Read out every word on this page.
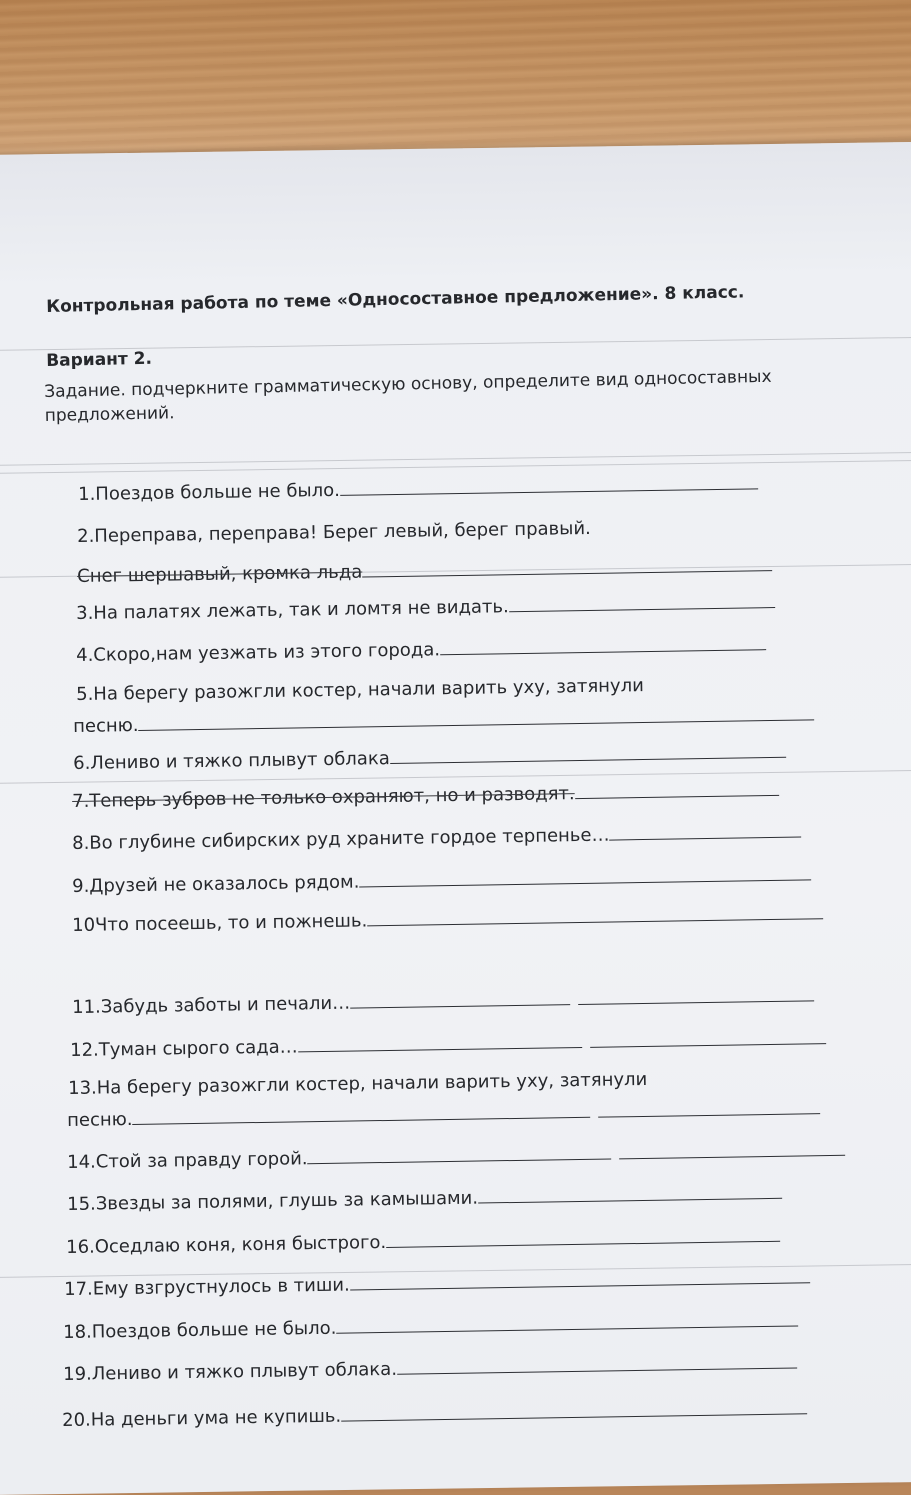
Контрольная работа по теме «Односоставное предложение». 8 класс.
Вариант 2.
Задание. подчеркните грамматическую основу, определите вид односоставных предложений.
1.Поездов больше не было.
2.Переправа, переправа! Берег левый, берег правый.
Снег шершавый, кромка льда
3.На палатях лежать, так и ломтя не видать.
4.Скоро,нам уезжать из этого города.
5.На берегу разожгли костер, начали варить уху, затянули
песню.
6.Лениво и тяжко плывут облака
7.Теперь зубров не только охраняют, но и разводят.
8.Во глубине сибирских руд храните гордое терпенье…
9.Друзей не оказалось рядом.
10Что посеешь, то и пожнешь.
11.Забудь заботы и печали…
12.Туман сырого сада…
13.На берегу разожгли костер, начали варить уху, затянули
песню.
14.Стой за правду горой.
15.Звезды за полями, глушь за камышами.
16.Оседлаю коня, коня быстрого.
17.Ему взгрустнулось в тиши.
18.Поездов больше не было.
19.Лениво и тяжко плывут облака.
20.На деньги ума не купишь.
